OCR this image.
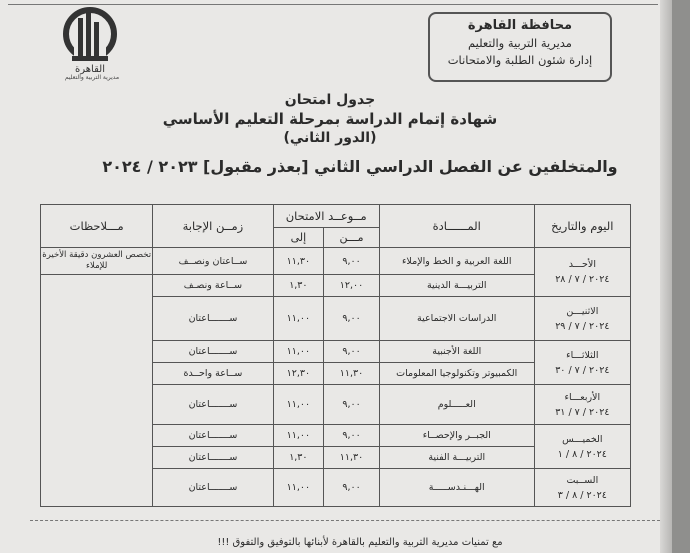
القاهرة
مديرية التربية والتعليم
محافظة القاهرة
مديرية التربية والتعليم
إدارة شئون الطلبة والامتحانات
جدول امتحان
شهادة إتمام الدراسة بمرحلة التعليم الأساسي
(الدور الثاني)
والمتخلفين عن الفصل الدراسي الثاني [بعذر مقبول] ٢٠٢٣ / ٢٠٢٤
اليوم والتاريخ	المــــــادة	مــوعــد الامتحان		زمــن الإجابة	مـــلاحظات
		مـــن	إلى		

الأحـــد
٢٠٢٤ / ٧ / ٢٨	اللغة العربية و الخط والإملاء	٩,٠٠	١١,٣٠	ســاعتان ونصــف	تخصص العشرون دقيقة الأخيرة للإملاء
	التربيـــة الدينية	١٢,٠٠	١,٣٠	ســاعة ونصـف	

الاثنيـــن
٢٠٢٤ / ٧ / ٢٩	الدراسات الاجتماعية	٩,٠٠	١١,٠٠	ســـــــاعتان	

الثلاثـــاء
٢٠٢٤ / ٧ / ٣٠	اللغة الأجنبية	٩,٠٠	١١,٠٠	ســـــــاعتان	
	الكمبيوتر وتكنولوجيا المعلومات	١١,٣٠	١٢,٣٠	ســاعة واحــدة	

الأربعـــاء
٢٠٢٤ / ٧ / ٣١	العـــــلوم	٩,٠٠	١١,٠٠	ســـــــاعتان	

الخميـــس
٢٠٢٤ / ٨ / ١	الجبــر والإحصــاء	٩,٠٠	١١,٠٠	ســـــــاعتان	
	التربيـــة الفنية	١١,٣٠	١,٣٠	ســـــــاعتان	

الســبت
٢٠٢٤ / ٨ / ٣	الهـــنـدســـــة	٩,٠٠	١١,٠٠	ســـــــاعتان	
مع تمنيات مديرية التربية والتعليم بالقاهرة لأبنائها بالتوفيق والتفوق !!!
